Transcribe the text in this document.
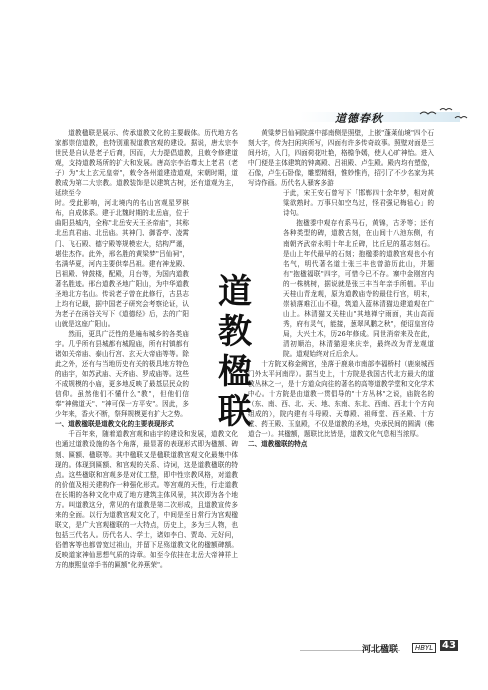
道德春秋

道教楹联是展示、传承道教文化的主要载体。历代地方名家都崇信道教，也特别重视道教宫观的建设。据说，唐太宗李世民是自认是老子后裔，因而，大力提倡道教，且敕令修建道观，支持道教场所的扩大和发展。唐高宗李治尊太上老君（老子）为"太上玄元皇帝"，敕令各州道建造道观，宋朝时期，道教成为第二大宗教。道教装饰是以建筑古树，还有道观为主，延续至今

时。受此影响，河北境内的名山宫观星罗棋布，自成体系。建于北魏时期的北岳庙，位于曲阳县城内，全称"北岳安天王圣帝庙"，其称北岳真君庙、北岳庙。其神门、御香亭、凌霄门、飞石殿、德宁殿等规模宏大，结构严谨，堪佳杰作。此外，邢名胜的黄梁梦"吕仙祠"，名满华夏，河内主要供奉吕祖。建有神龙殿、吕祖殿、钟鼓楼，配殿，月台等，为国内道教著名胜迹。邢台道教圣地广阳山，为中华道教圣地北方名山。传说老子曾在此修行，古县志上均有记载，据中国老子研究会考察论证，认为老子在函谷关写下《道德经》后，去的广阳山就是这座广阳山。

然而，更具广泛性的是遍布城乡的各类庙宇。几乎所有县城都有城隍庙，所有村镇都有诸如关帝庙、泰山行宫、玄天大帝庙等等。除此之外，还有与当地历史有关的极具地方特色的庙宇，如苏武庙、天齐庙、罗成庙等。这些不成规模的小庙，更多地反映了最基层民众的信仰。虽然他们不懂什么"教"，但他们信奉"神佛道天"、"神可保一方平安"。因此，多少年来，香火不断，祭拜规模更有扩大之势。

一、道教楹联是道教文化的主要表现形式

千百年来，随着道教宫观和庙宇的建设和发展，道教文化也通过道教设施的各个角落，最显著的表现形式即为楹额、碑刻、匾额、楹联等。其中楹联又是楹联道教宫观文化最集中体现的。体现到匾额、和宫观的关系、诗词，这是道教楹联的特点。这些楹联和宫观多是对仗工整，即中性宗教风格，对道教的价值及相关建构作一种强化形式。等宫观的天性，行走道教在长期的各种文化中成了地方建筑主体风景，其次即为各个地方。叫道教这分，常见的有道教是第二次形成，且道教宣传多来的全面。以行为道教宫观文化了，中间是至日常行为宫观楹联文，是广大宫观楹联的一大特点，历史上，多为三人物，也包括三代名人。历代名人、学士，诸如李白、贾岛、元好问，俗僧客等也都曾宽过祖山，并留下足殇道教文化的楹额碑额。反映道家神仙思想气质的诗章。如至今依挂在北岳大帝神祥上方的康熙皇帝手书的匾额"化养蕉荣"。

道
教
楹
联

黄粱梦吕仙祠院落中部南侧是照壁，上嵌"蓬莱仙境"四个石刻大字，传为扫闲宾所写，四面有许多传奇故事。照壁对面是三间丹坊，入门，四面荷花吐艳，格檐争嫣，使人心旷神怡。进入中门便是主体建筑的钟离殿、吕祖殿、卢生殿。殿内均有塑像，石像，卢生石卧像，雕塑精细，惟妙惟肖，招引了不少名家为其写诗作画。历代名人骚客多游

于此，宋王安石曾写下「邯郸四十余年梦，相对黄粱欲熟时。万事只如空鸟过，怪君强记梅毡心」的诗句。

抱楹黍中观存有系马石，黄锦，古矛等；还有各种类型的碑，道教古刻，在山间十八池东侧，有南朝齐武帝永明十年北丘碑，比丘尼的墓志刻石。是山上年代最早的石刻；抱楹黍的道教宫观也小有名气，明代著名道士张三丰也曾游历此山，并题有"抱楹福联"四字，可惜今已不存。寨中金刚宫内的一株桃树，据说就是张三丰当年亲手所植。平山天桂山青龙观，原为道教庙寺的最佳行宫，明末，崇祯落难江山不稳，筑道入蓝林清猫边建道观在广山上。林清猫又关桂山"其地禅宁雨面，其山高而秀，府有灵气，能接，葱翠风鹏之秋"，便诏皇宫侍局，大兴土木，历26年修成。同世消帝来及在此，清初顺治，林清猫迎来庆幸，最终改为青龙观道院。道观始终对丘后余人。

十方院又称金阙宫，坐落于鹿泉市南部李福桥村（鹿泉城西门外太平河南岸）。据当史上，十方院是我国古代北方最大的道教丛林之一，是十方道众向往的著名的高等道教学堂和文化学术中心。十方院是由道教一贯倡导的"十方丛林"之说，庙院名的（东、南、西、北、天、地、东南、东北、西南、西北十个方向组成的），院内建有斗母殿、天尊殿、祖师堂、西圣殿、十方堂、药王殿、玉皇殿，不仅是道教的圣地，央承民间的圆满（佛道合一）。其楹额，题联比比皆是，道教文化气息相当浓厚。

二、道教楹联的特点

河北楹联	HBYL 43
